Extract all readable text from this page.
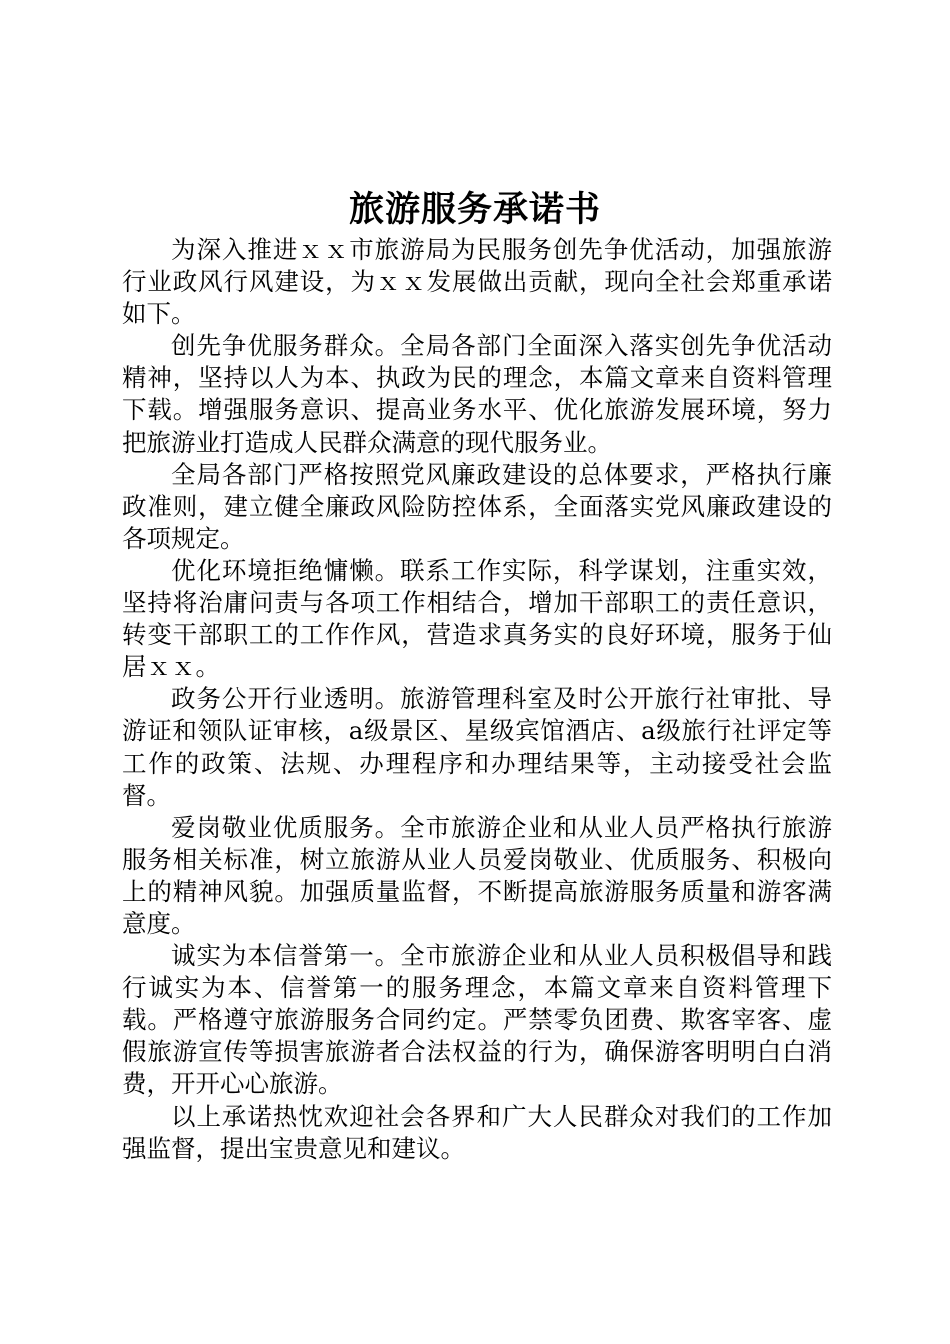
旅游服务承诺书

为深入推进ｘｘ市旅游局为民服务创先争优活动，加强旅游行业政风行风建设，为ｘｘ发展做出贡献，现向全社会郑重承诺如下。

创先争优服务群众。全局各部门全面深入落实创先争优活动精神，坚持以人为本、执政为民的理念，本篇文章来自资料管理下载。增强服务意识、提高业务水平、优化旅游发展环境，努力把旅游业打造成人民群众满意的现代服务业。

全局各部门严格按照党风廉政建设的总体要求，严格执行廉政准则，建立健全廉政风险防控体系，全面落实党风廉政建设的各项规定。

优化环境拒绝慵懒。联系工作实际，科学谋划，注重实效，坚持将治庸问责与各项工作相结合，增加干部职工的责任意识，转变干部职工的工作作风，营造求真务实的良好环境，服务于仙居ｘｘ。

政务公开行业透明。旅游管理科室及时公开旅行社审批、导游证和领队证审核，a级景区、星级宾馆酒店、a级旅行社评定等工作的政策、法规、办理程序和办理结果等，主动接受社会监督。

爱岗敬业优质服务。全市旅游企业和从业人员严格执行旅游服务相关标准，树立旅游从业人员爱岗敬业、优质服务、积极向上的精神风貌。加强质量监督，不断提高旅游服务质量和游客满意度。

诚实为本信誉第一。全市旅游企业和从业人员积极倡导和践行诚实为本、信誉第一的服务理念，本篇文章来自资料管理下载。严格遵守旅游服务合同约定。严禁零负团费、欺客宰客、虚假旅游宣传等损害旅游者合法权益的行为，确保游客明明白白消费，开开心心旅游。

以上承诺热忱欢迎社会各界和广大人民群众对我们的工作加强监督，提出宝贵意见和建议。
